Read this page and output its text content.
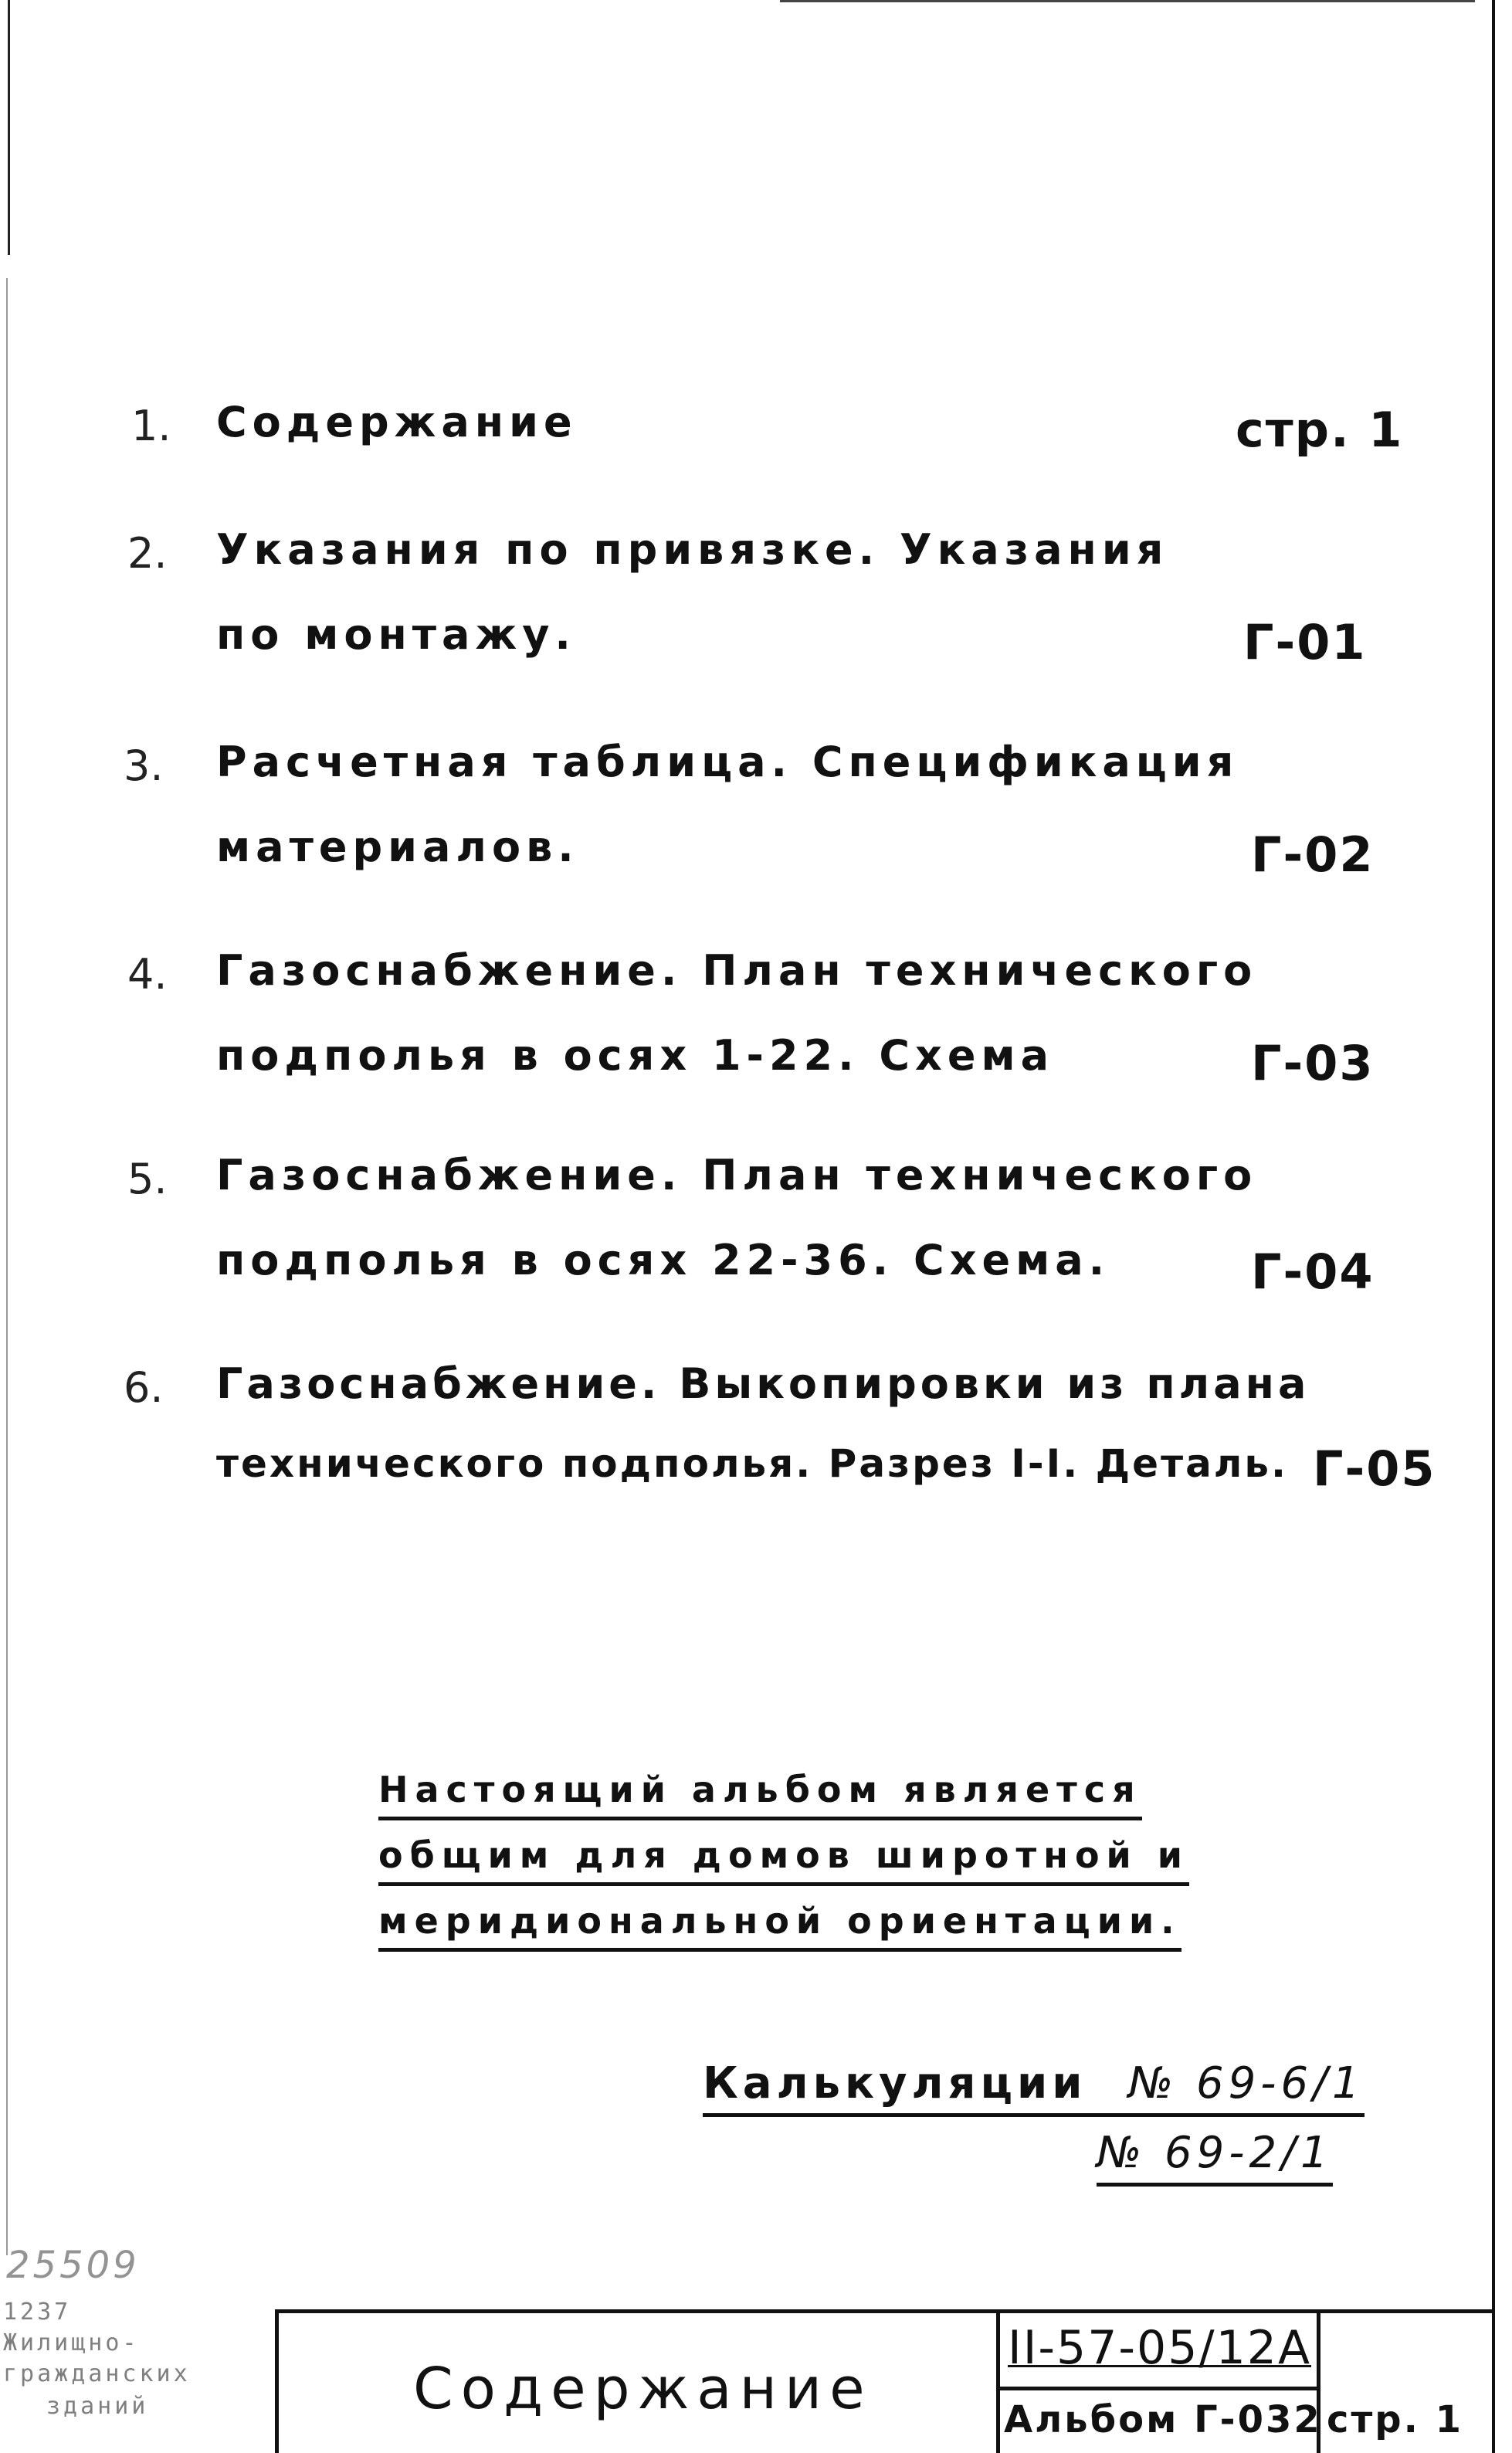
1. Содержание	стр. 1
2. Указания по привязке. Указания
по монтажу.	Г-01
3. Расчетная таблица. Спецификация
материалов.	Г-02
4. Газоснабжение. План технического
подполья в осях 1-22. Схема	Г-03
5. Газоснабжение. План технического
подполья в осях 22-36. Схема.	Г-04
6. Газоснабжение. Выкопировки из плана
технического подполья. Разрез I-I. Деталь. Г-05
Настоящий альбом является
общим для домов широтной и
меридиональной ориентации.
Калькуляции № 69-6/1
№ 69-2/1
25509
1237
Жилищно-
гражданских
зданий	Содержание
II-57-05/12А
Альбом Г-032 стр. 1
